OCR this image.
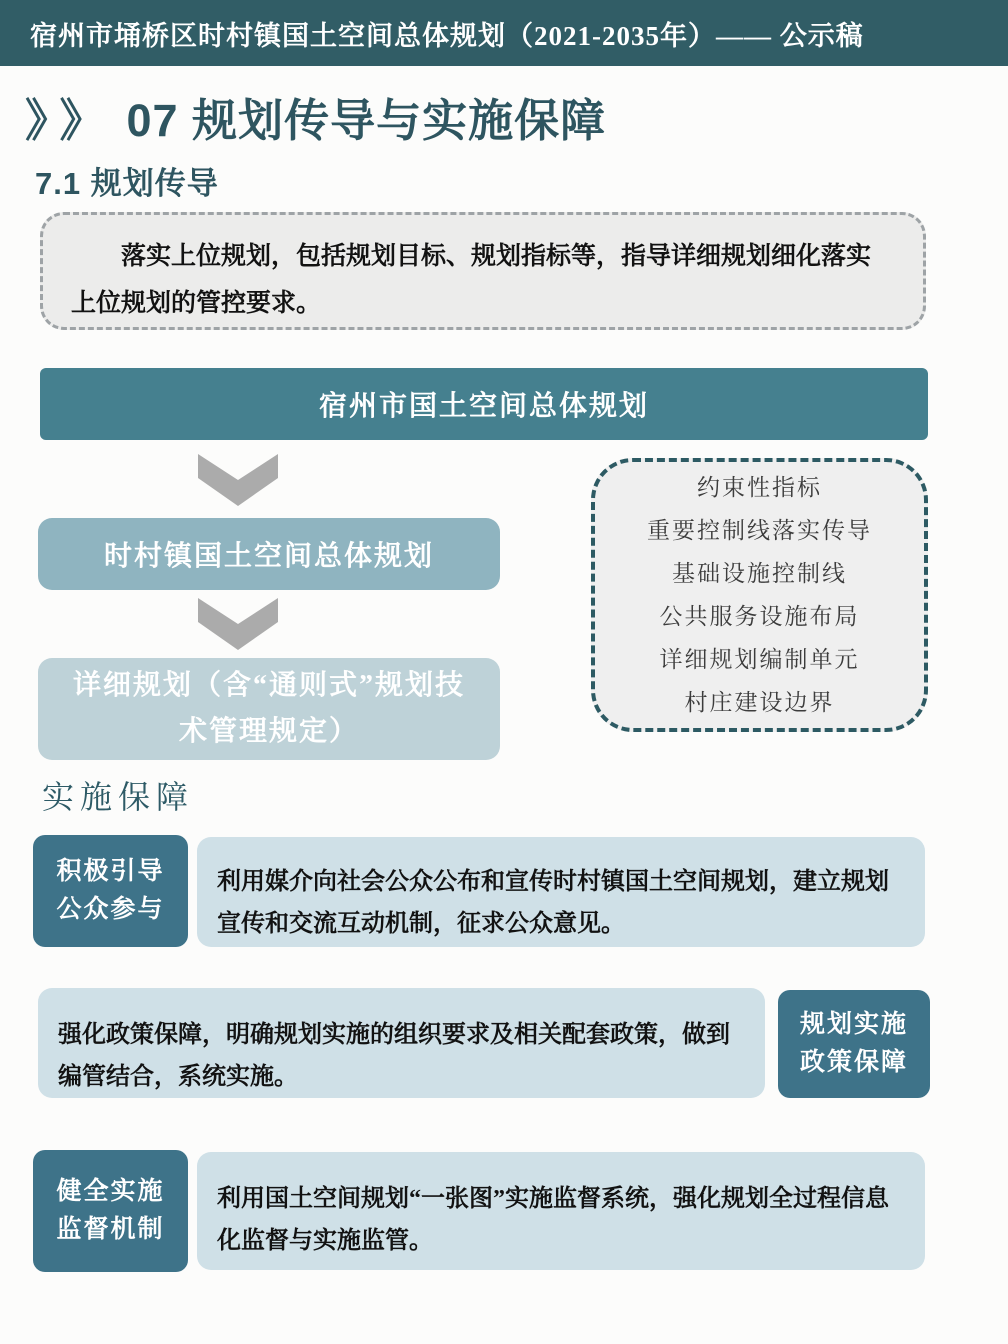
宿州市埇桥区时村镇国土空间总体规划（2021-2035年）—— 公示稿
》》 07 规划传导与实施保障
7.1 规划传导
落实上位规划，包括规划目标、规划指标等，指导详细规划细化落实上位规划的管控要求。
宿州市国土空间总体规划
时村镇国土空间总体规划
详细规划（含“通则式”规划技术管理规定）
约束性指标
重要控制线落实传导
基础设施控制线
公共服务设施布局
详细规划编制单元
村庄建设边界
实施保障
积极引导
公众参与
利用媒介向社会公众公布和宣传时村镇国土空间规划，建立规划宣传和交流互动机制，征求公众意见。
强化政策保障，明确规划实施的组织要求及相关配套政策，做到编管结合，系统实施。
规划实施
政策保障
健全实施
监督机制
利用国土空间规划“一张图”实施监督系统，强化规划全过程信息化监督与实施监管。
